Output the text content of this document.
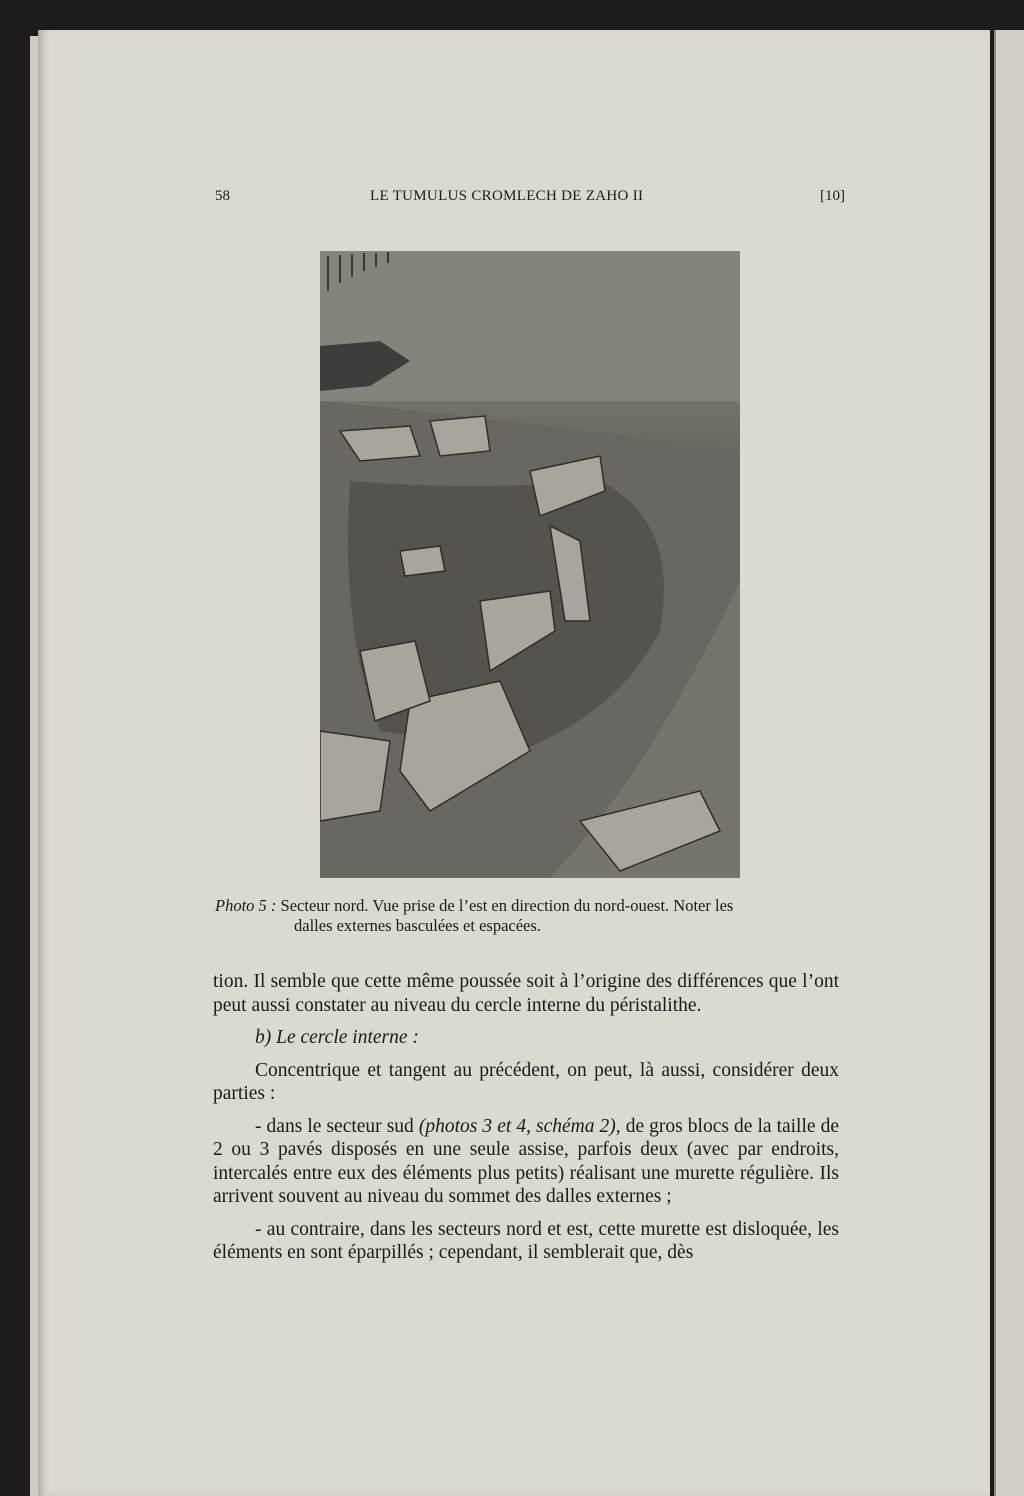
58	LE TUMULUS CROMLECH DE ZAHO II	[10]
Photo 5 : Secteur nord. Vue prise de l’est en direction du nord-ouest. Noter les
dalles externes basculées et espacées.

tion. Il semble que cette même poussée soit à l’origine des différences que l’ont peut aussi constater au niveau du cercle interne du péristalithe.

b) Le cercle interne :

Concentrique et tangent au précédent, on peut, là aussi, considérer deux parties :

- dans le secteur sud (photos 3 et 4, schéma 2), de gros blocs de la taille de 2 ou 3 pavés disposés en une seule assise, parfois deux (avec par endroits, intercalés entre eux des éléments plus petits) réalisant une murette régulière. Ils arrivent souvent au niveau du sommet des dalles externes ;

- au contraire, dans les secteurs nord et est, cette murette est disloquée, les éléments en sont éparpillés ; cependant, il semblerait que, dès
